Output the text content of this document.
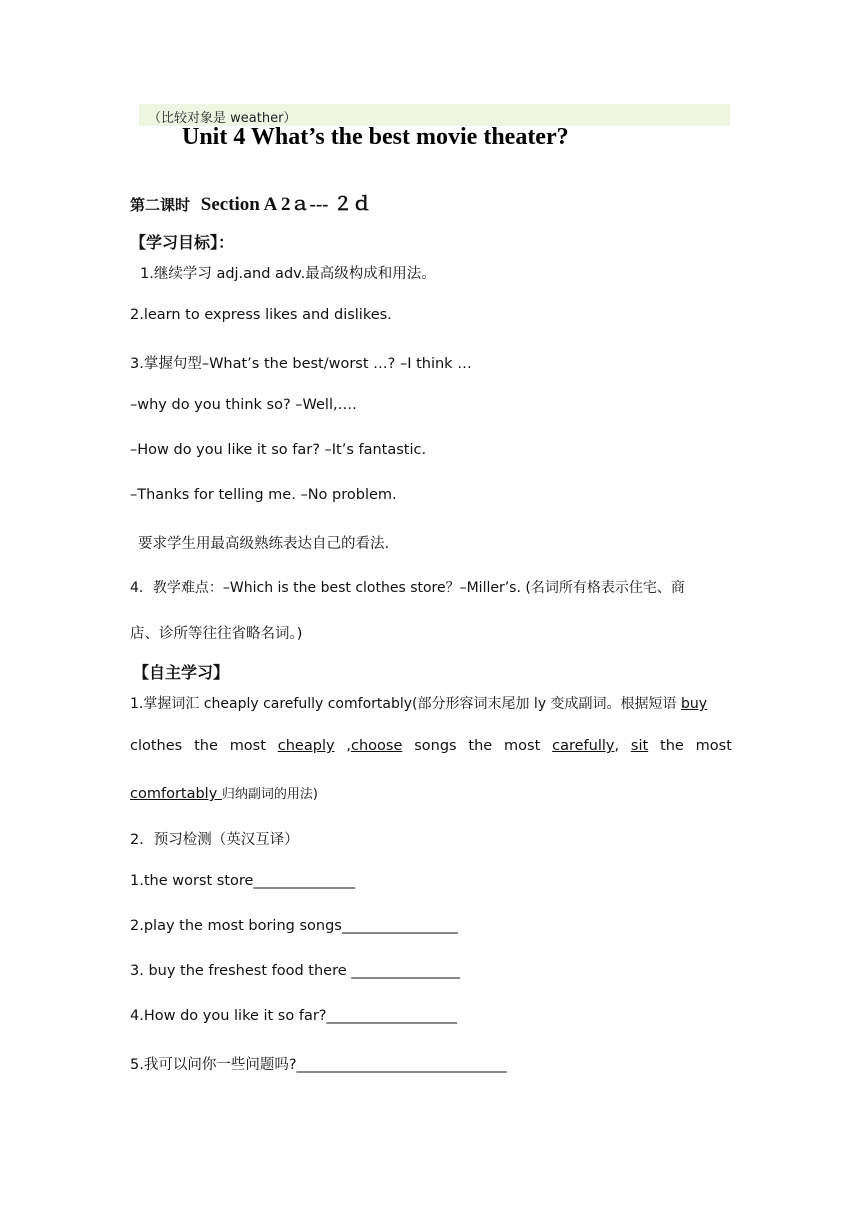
（比较对象是 weather）
Unit 4 What’s the best movie theater?
第二课时 Section A 2ａ--- ２ｄ
【学习目标】：
1.继续学习 adj.and adv.最高级构成和用法。
2.learn to express likes and dislikes.
3.掌握句型–What’s the best/worst …? –I think …
–why do you think so? –Well,….
–How do you like it so far? –It’s fantastic.
–Thanks for telling me. –No problem.
要求学生用最高级熟练表达自己的看法.
4．教学难点：–Which is the best clothes store？–Miller’s. (名词所有格表示住宅、商
店、诊所等往往省略名词。)
【自主学习】
1.掌握词汇 cheaply carefully comfortably(部分形容词末尾加 ly 变成副词。根据短语 buy
clothes the most cheaply ,choose songs the most carefully, sit the most
comfortably 归纳副词的用法)
2．预习检测（英汉互译）
1.the worst store______________
2.play the most boring songs________________
3. buy the freshest food there _______________
4.How do you like it so far?__________________
5.我可以问你一些问题吗?_____________________________
